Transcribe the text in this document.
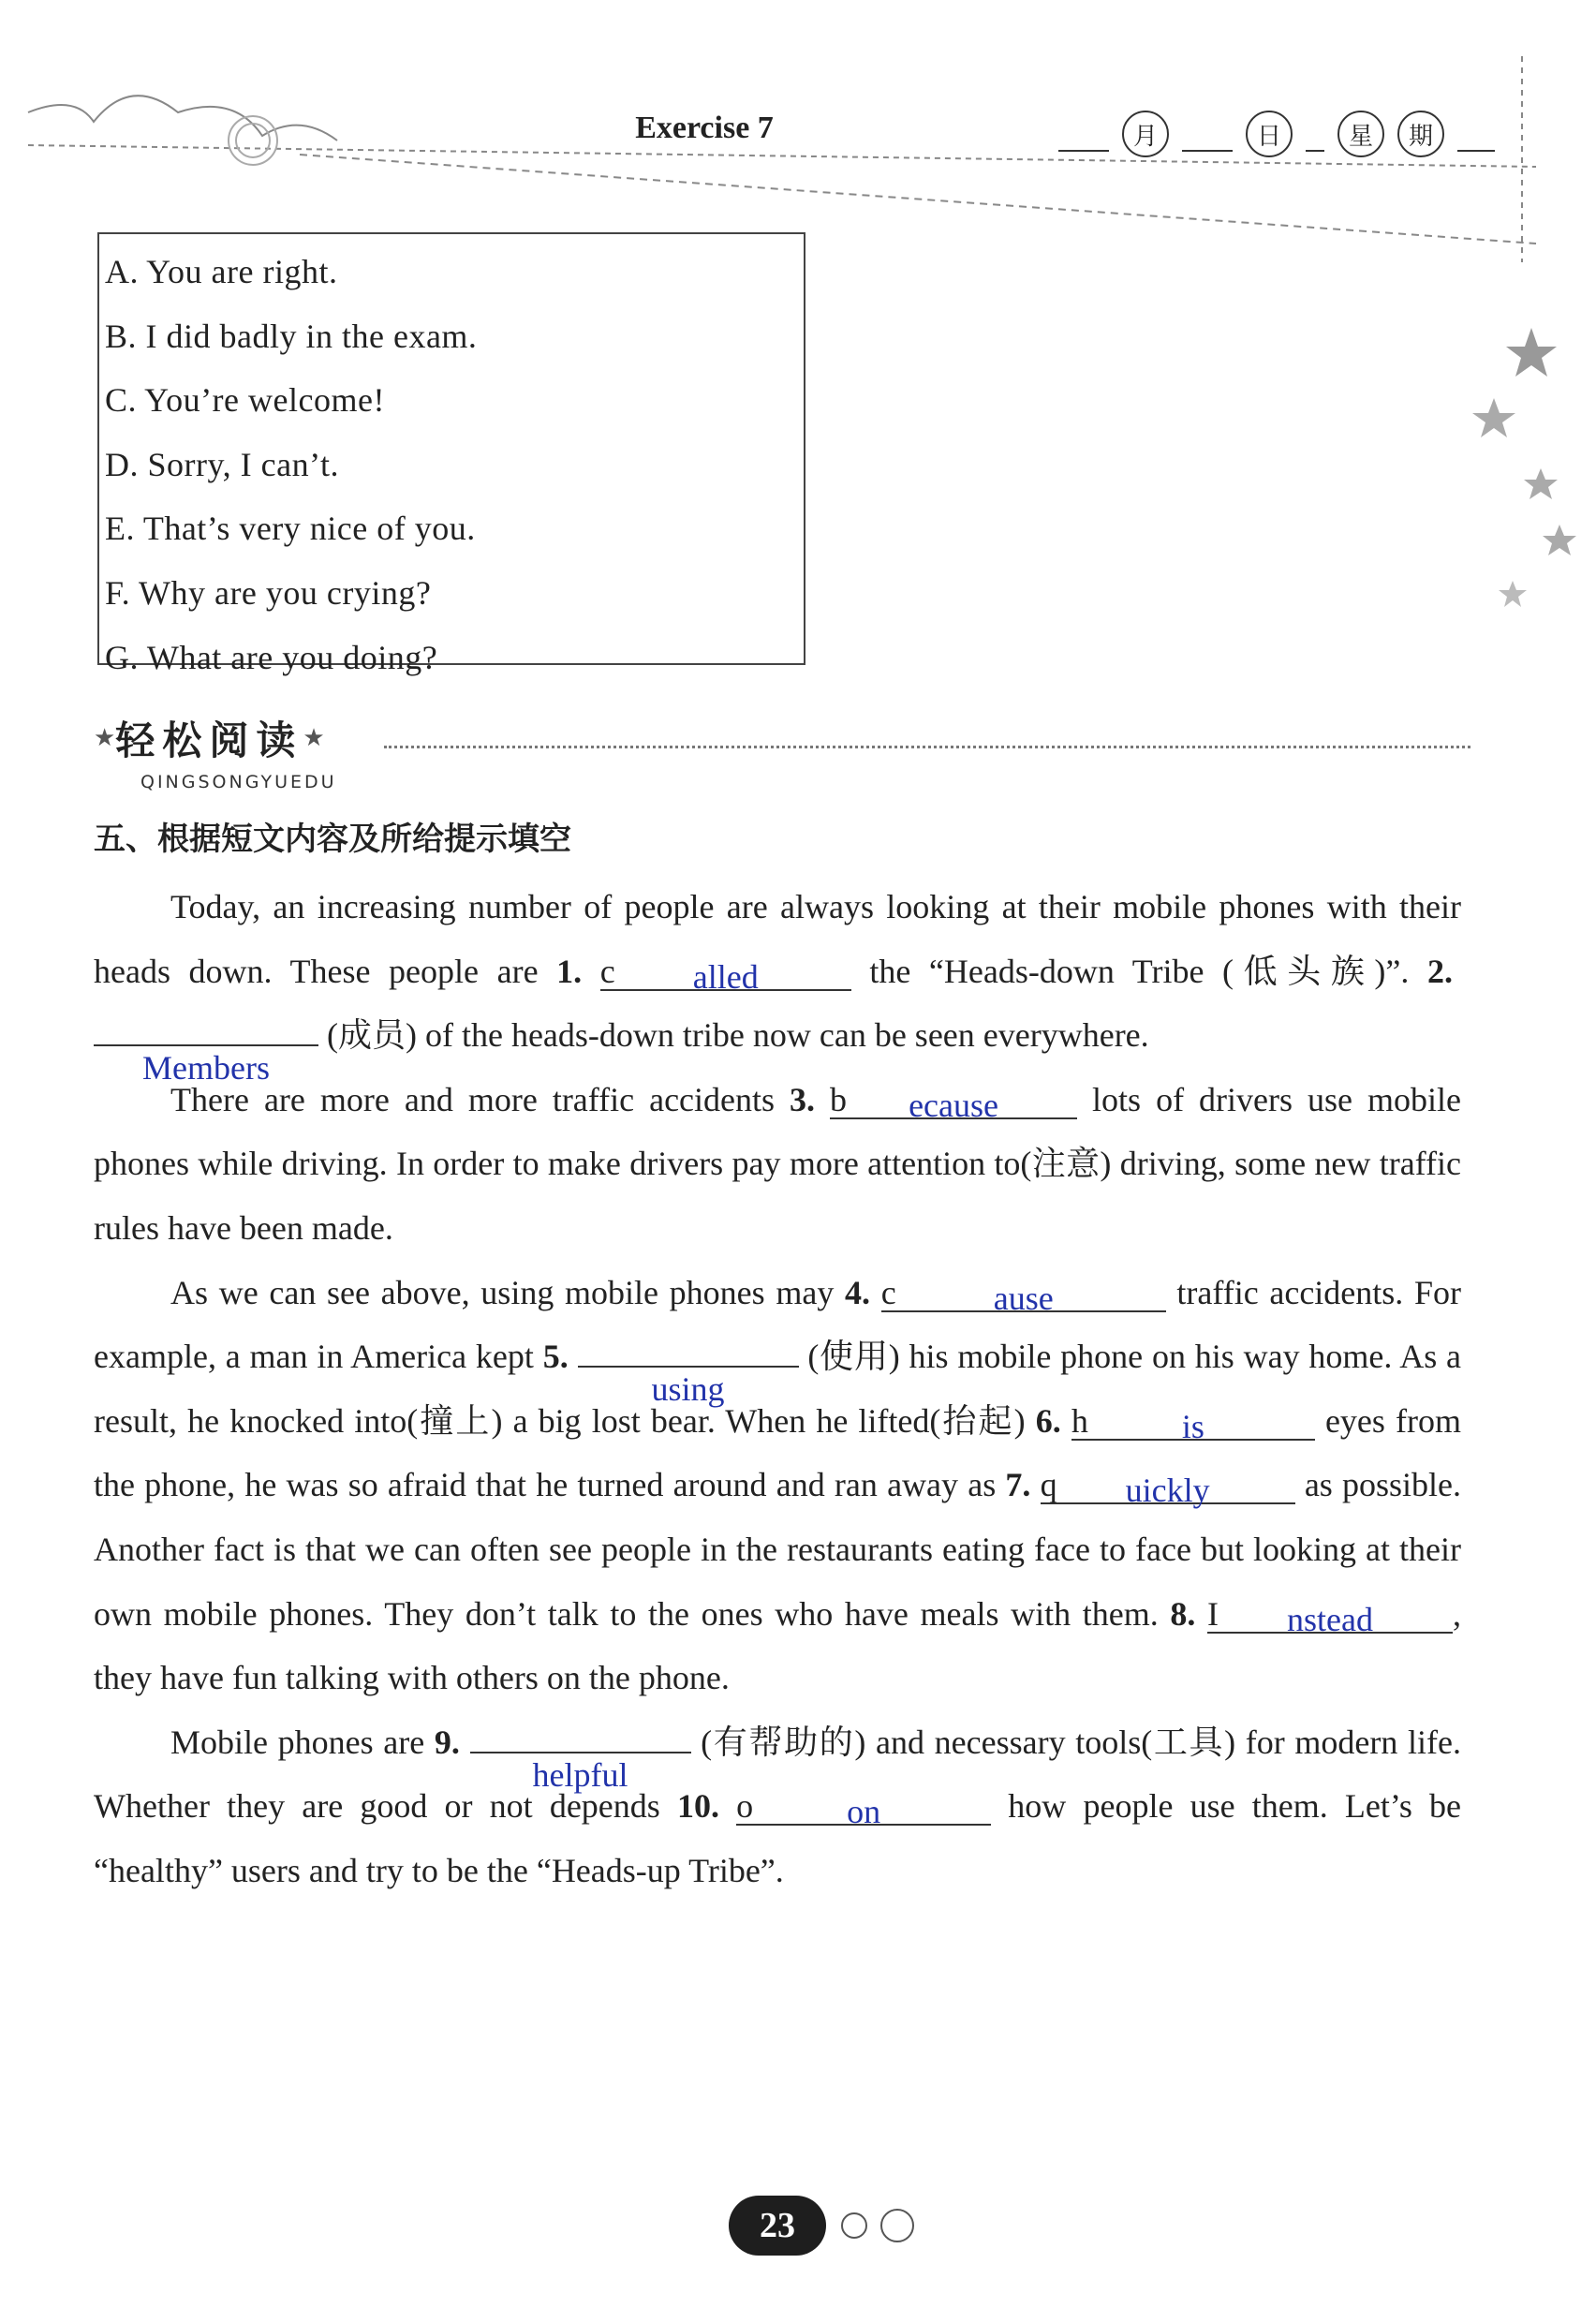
Exercise 7	月	日	星	期
A. You are right.
B. I did badly in the exam.
C. You’re welcome!
D. Sorry, I can’t.
E. That’s very nice of you.
F. Why are you crying?
G. What are you doing?
★ 轻松阅读 ★
QINGSONGYUEDU
五、根据短文内容及所给提示填空

Today, an increasing number of people are always looking at their mobile phones with their heads down. These people are 1. c	alled	the “Heads-down Tribe (低头族)”. 2.
Members
(成员) of the heads-down tribe now can be seen everywhere.

There are more and more traffic accidents 3. b	ecause	lots of drivers use mobile phones while driving. In order to make drivers pay more attention to(注意) driving, some new traffic rules have been made.

As we can see above, using mobile phones may 4. c	ause	traffic accidents. For example, a man in America kept 5.
using
(使用) his mobile phone on his way home. As a result, he knocked into(撞上) a big lost bear. When he lifted(抬起) 6. h	is	eyes from the phone, he was so afraid that he turned around and ran away as 7. q	uickly	as possible. Another fact is that we can often see people in the restaurants eating face to face but looking at their own mobile phones. They don’t talk to the ones who have meals with them. 8. I	nstead	, they have fun talking with others on the phone.

Mobile phones are 9.
helpful
(有帮助的) and necessary tools(工具) for modern life. Whether they are good or not depends 10. o	on	how people use them. Let’s be “healthy” users and try to be the “Heads-up Tribe”.

23
